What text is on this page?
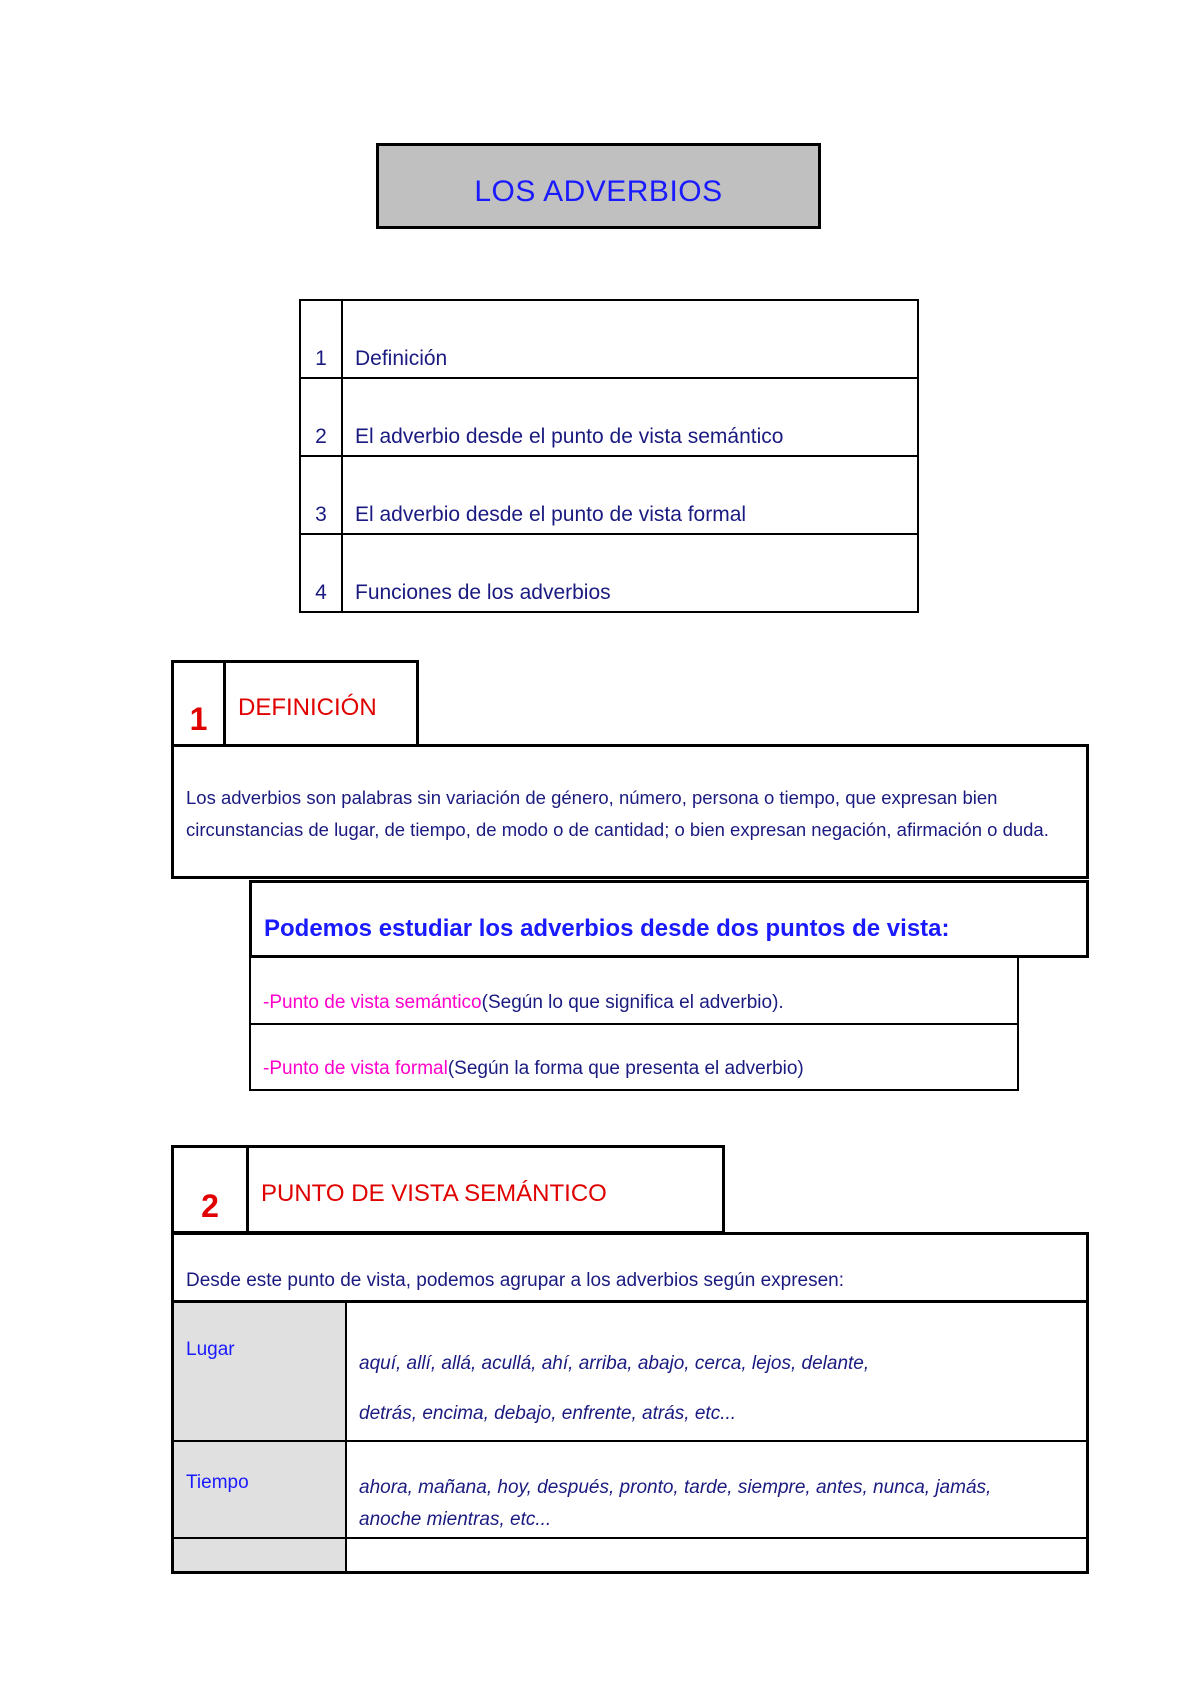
LOS ADVERBIOS
1	Definición
2	El adverbio desde el punto de vista semántico
3	El adverbio desde el punto de vista formal
4	Funciones de los adverbios
1	DEFINICIÓN
Los adverbios son palabras sin variación de género, número, persona o tiempo, que expresan bien circunstancias de lugar, de tiempo, de modo o de cantidad; o bien expresan negación, afirmación o duda.
Podemos estudiar los adverbios desde dos puntos de vista:
-Punto de vista semántico (Según lo que significa el adverbio).
-Punto de vista formal (Según la forma que presenta el adverbio)
2	PUNTO DE VISTA SEMÁNTICO
Desde este punto de vista, podemos agrupar a los adverbios según expresen:
Lugar	aquí, allí, allá, acullá, ahí, arriba, abajo, cerca, lejos, delante,
detrás, encima, debajo, enfrente, atrás, etc...

Tiempo	ahora, mañana, hoy, después, pronto, tarde, siempre, antes, nunca, jamás,
anoche mientras, etc...
